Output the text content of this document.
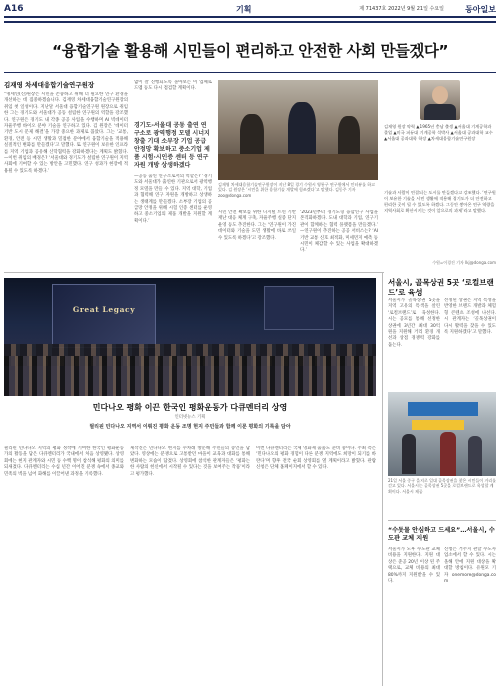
A16	기획	제 71437호 2022년 9월 21일 수요일	동아일보
“융합기술 활용해 시민들이 편리하고 안전한 사회 만들겠다”
김재영 차세대융합기술연구원장
“명세연(신)원장은 시민을 존중하고 위해 더 필요한 연구 환경을 개선하는 데 집중하겠습니다. 김재영 차세대융합기술연구원장의 취임 첫 일성이다. 지난달 서울대 융합기술연구원 원장으로 취임한 그는 경기도와 서울대가 공동 설립한 연구원의 역할을 강조했다. 연구원은 경기도 내 각종 공공 사업을 수행하며 AI 빅데이터 자율주행 바이오 분야 기술을 연구하고 있다. 김 원장은 ‘데이터 기반 도시 문제 해결’을 가장 중요한 과제로 꼽았다. 그는 ‘교통, 환경, 안전 등 시민 생활과 밀접한 분야에서 융합기술을 적용해 실질적인 변화를 만들겠다’고 말했다. 또 연구원이 보유한 인프라를 지역 기업과 공유해 산학협력을 강화하겠다는 계획도 밝혔다. —이번 취임의 배경은? ‘서울대와 경기도가 설립한 연구원이 지역사회에 기여할 수 있는 방안을 고민했다. 연구 성과가 현장에 적용될 수 있도록 하겠다.’
없이 잘 진행되도록 돌아보는 이 업체로드맵 등도 다시 점검할 계획이다.
경기도-서울대 공동 출연 연구소로 광역행정 모델 시너지 창출 기대 소부장 기업 공급 안정망 확보하고 중소기업 제품 시험·시인증 센터 등 연구 자원 개방 상생하겠다
—공동 출연 연구소로서의 역할은? ‘경기도와 서울대가 출연한 기관으로서 광역행정 모델을 만들 수 있다. 지역 대학, 기업과 협력해 연구 자원을 개방하고 상생하는 생태계를 만들겠다. 소부장 기업의 공급망 안정을 위해 시험 인증 센터를 운영하고 중소기업의 제품 개발을 지원할 계획이다.’
김재영 차세대융합기술연구원장이 지난 8일 경기 수원시 영통구 연구원에서 인터뷰를 하고 있다. 김 원장은 ‘시민을 위한 융합기술 개발에 힘쓰겠다’고 말했다. 김동주 기자 zoo@donga.com
시민 안전 확보를 위한 디지털 트윈 기반 재난 대응 체계 구축, 자율주행 실증 단지 운영 등도 추진한다. 그는 ‘연구원이 가진 데이터와 기술을 도민 생활에 바로 쓰일 수 있도록 하겠다’고 강조했다.
‘2023년부터 경기도형 융합연구 사업을 본격화하겠다. 도내 대학과 기업, 연구기관이 함께하는 협력 플랫폼을 만들겠다.’ —연구원이 추진하는 공공 서비스는? ‘AI 기반 교통 신호 최적화, 미세먼지 예측 등 시민이 체감할 수 있는 사업을 확대하겠다.’
김재영 원장 약력 ▲1965년 충남 출생 ▲서울대 기계공학과 졸업 ▲미국 퍼듀대 기계공학 석박사 ▲서울대 공과대학 교수 ▲서울대 공과대학 학장 ▲차세대융합기술연구원장
기술과 사람이 연결되는 도시를 만들겠다고 강조했다. ‘연구원이 보유한 기술을 시민 생활에 적용해 경기도가 더 안전하고 편리한 곳이 될 수 있도록 하겠다. 그동안 쌓아온 연구 역량을 지역사회로 확산시키는 것이 앞으로의 과제’라고 말했다.
수원=이경진 기자 lkj@donga.com
Great Legacy
민다나오 평화 이끈 한국인 평화운동가 다큐멘터리 상영
인터넷뉴스 기획
필리핀 민다나오 지역서 이뤄진 평화 운동 조명 현지 주민들과 함께 이룬 평화의 기록을 담아
필리핀 민다나오 지역의 평화 정착에 기여한 한국인 평화운동가의 활동을 담은 다큐멘터리가 국내에서 처음 상영됐다. 상영회에는 현지 관계자와 시민 등 수백 명이 참석해 평화의 의미를 되새겼다. 다큐멘터리는 수십 년간 이어진 분쟁 속에서 종교와 민족의 벽을 넘어 화해를 이끌어낸 과정을 기록했다.
제작진은 민다나오 현지를 수차례 방문해 주민들의 증언을 담았다. 영상에는 분쟁으로 고통받던 마을이 교육과 대화를 통해 변화하는 모습이 담겼다. 상영회에 참석한 관계자들은 ‘평화는 한 사람의 헌신에서 시작될 수 있다는 것을 보여주는 작품’이라고 평가했다.
이번 다큐멘터리는 국제 영화제 출품도 준비 중이다. 주최 측은 ‘민다나오의 평화 경험이 다른 분쟁 지역에도 희망이 되기를 바란다’며 향후 전국 순회 상영회를 열 계획이라고 밝혔다. 관람 신청은 단체 홈페이지에서 할 수 있다.
서울시, 골목상권 5곳 ‘로컬브랜드’로 육성
서울시가 골목상권 5곳을 지역 고유의 특색을 살린 ‘로컬브랜드’로 육성한다. 시는 공모를 통해 선정한 상권에 3년간 최대 30억 원을 지원해 거리 환경 개선과 상점 경쟁력 강화를 돕는다.
선정된 상권은 지역 특성을 반영한 브랜드 개발과 체험형 콘텐츠 조성에 나선다. 시 관계자는 ‘골목상권이 다시 활력을 찾을 수 있도록 지원하겠다’고 말했다.
21일 서울 중구 을지로 일대 골목상권을 찾은 시민들이 거리를 걷고 있다. 서울시는 골목상권 5곳을 로컬브랜드로 육성할 계획이다. 서울시 제공
“수돗물 안심하고 드세요”…서울시, 수도관 교체 지원
서울시가 노후 수도관 교체 비용을 지원한다. 지원 대상은 준공 20년 이상 된 주택으로, 교체 비용의 최대 80%까지 지원받을 수 있다.
신청은 거주지 관할 수도사업소에서 할 수 있다. 시는 올해 안에 지원 대상을 확대할 방침이다. 유원모 기자 onemore@donga.com
